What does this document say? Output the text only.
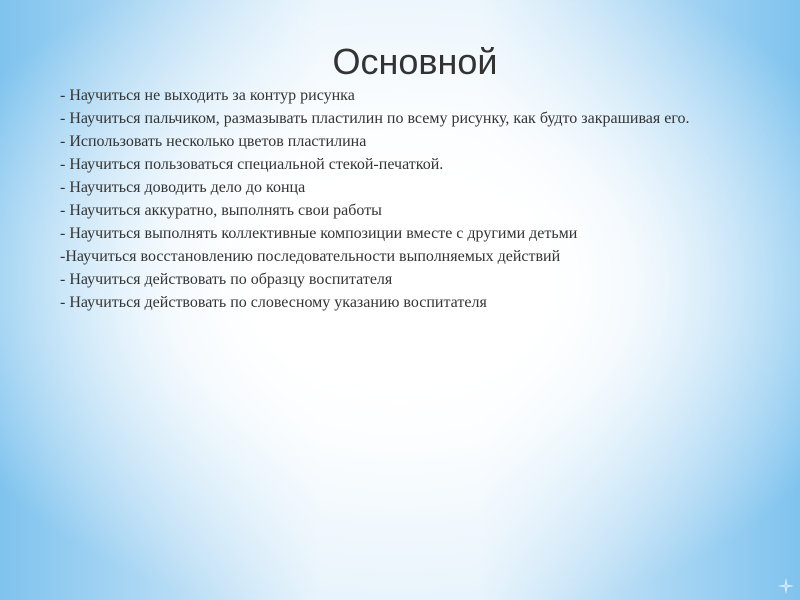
Основной
- Научиться не выходить за контур рисунка
- Научиться пальчиком, размазывать пластилин по всему рисунку, как будто закрашивая его.
- Использовать несколько цветов пластилина
- Научиться пользоваться специальной стекой-печаткой.
- Научиться доводить дело до конца
- Научиться аккуратно, выполнять свои работы
- Научиться выполнять коллективные композиции вместе с другими детьми
-Научиться восстановлению последовательности выполняемых действий
- Научиться действовать по образцу воспитателя
- Научиться действовать по словесному указанию воспитателя
